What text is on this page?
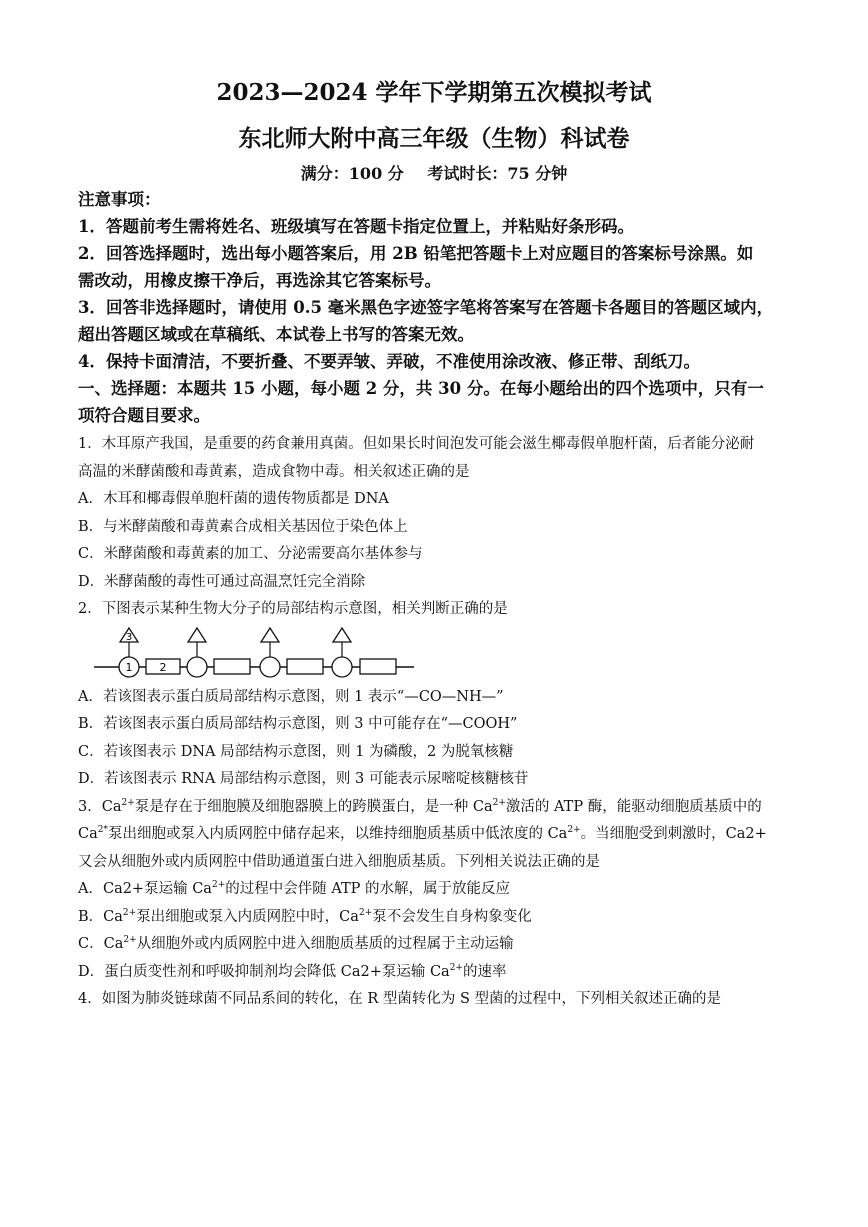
2023—2024 学年下学期第五次模拟考试
东北师大附中高三年级（生物）科试卷
满分：100 分 考试时长：75 分钟
注意事项：
1．答题前考生需将姓名、班级填写在答题卡指定位置上，并粘贴好条形码。
2．回答选择题时，选出每小题答案后，用 2B 铅笔把答题卡上对应题目的答案标号涂黑。如
需改动，用橡皮擦干净后，再选涂其它答案标号。
3．回答非选择题时，请使用 0.5 毫米黑色字迹签字笔将答案写在答题卡各题目的答题区域内，
超出答题区域或在草稿纸、本试卷上书写的答案无效。
4．保持卡面清洁，不要折叠、不要弄皱、弄破，不准使用涂改液、修正带、刮纸刀。
一、选择题：本题共 15 小题，每小题 2 分，共 30 分。在每小题给出的四个选项中，只有一
项符合题目要求。
1．木耳原产我国，是重要的药食兼用真菌。但如果长时间泡发可能会滋生椰毒假单胞杆菌，后者能分泌耐
高温的米酵菌酸和毒黄素，造成食物中毒。相关叙述正确的是
A．木耳和椰毒假单胞杆菌的遗传物质都是 DNA
B．与米酵菌酸和毒黄素合成相关基因位于染色体上
C．米酵菌酸和毒黄素的加工、分泌需要高尔基体参与
D．米酵菌酸的毒性可通过高温烹饪完全消除
2．下图表示某种生物大分子的局部结构示意图，相关判断正确的是
3
1 2
A．若该图表示蛋白质局部结构示意图，则 1 表示“—CO—NH—”
B．若该图表示蛋白质局部结构示意图，则 3 中可能存在“—COOH”
C．若该图表示 DNA 局部结构示意图，则 1 为磷酸，2 为脱氧核糖
D．若该图表示 RNA 局部结构示意图，则 3 可能表示尿嘧啶核糖核苷
3．$Ca^{2+}$泵是存在于细胞膜及细胞器膜上的跨膜蛋白，是一种 $Ca^{2+}$激活的 ATP 酶，能驱动细胞质基质中的
$Ca^{2*}$泵出细胞或泵入内质网腔中储存起来，以维持细胞质基质中低浓度的 $Ca^{2+}$。当细胞受到刺激时，Ca2+
又会从细胞外或内质网腔中借助通道蛋白进入细胞质基质。下列相关说法正确的是
A．Ca2+泵运输 $Ca^{2+}$的过程中会伴随 ATP 的水解，属于放能反应
B．$Ca^{2+}$泵出细胞或泵入内质网腔中时，$Ca^{2+}$泵不会发生自身构象变化
C．$Ca^{2+}$从细胞外或内质网腔中进入细胞质基质的过程属于主动运输
D．蛋白质变性剂和呼吸抑制剂均会降低 Ca2+泵运输 $Ca^{2+}$的速率
4．如图为肺炎链球菌不同品系间的转化，在 R 型菌转化为 S 型菌的过程中，下列相关叙述正确的是
